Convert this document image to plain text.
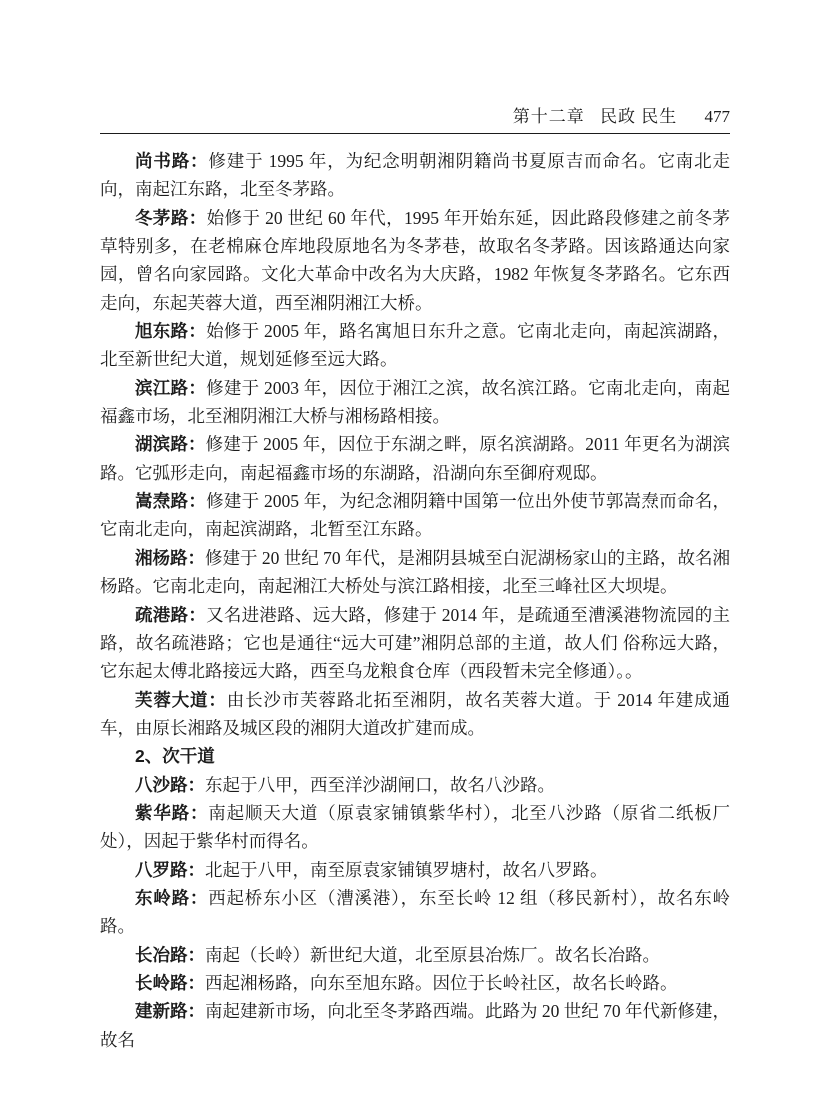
第十二章 民政 民生 477

尚书路：修建于 1995 年，为纪念明朝湘阴籍尚书夏原吉而命名。它南北走向，南起江东路，北至冬茅路。

冬茅路：始修于 20 世纪 60 年代，1995 年开始东延，因此路段修建之前冬茅草特别多，在老棉麻仓库地段原地名为冬茅巷，故取名冬茅路。因该路通达向家园，曾名向家园路。文化大革命中改名为大庆路，1982 年恢复冬茅路名。它东西走向，东起芙蓉大道，西至湘阴湘江大桥。

旭东路：始修于 2005 年，路名寓旭日东升之意。它南北走向，南起滨湖路，北至新世纪大道，规划延修至远大路。

滨江路：修建于 2003 年，因位于湘江之滨，故名滨江路。它南北走向，南起福鑫市场，北至湘阴湘江大桥与湘杨路相接。

湖滨路：修建于 2005 年，因位于东湖之畔，原名滨湖路。2011 年更名为湖滨路。它弧形走向，南起福鑫市场的东湖路，沿湖向东至御府观邸。

嵩焘路：修建于 2005 年，为纪念湘阴籍中国第一位出外使节郭嵩焘而命名，它南北走向，南起滨湖路，北暂至江东路。

湘杨路：修建于 20 世纪 70 年代，是湘阴县城至白泥湖杨家山的主路，故名湘杨路。它南北走向，南起湘江大桥处与滨江路相接，北至三峰社区大坝堤。

疏港路：又名进港路、远大路，修建于 2014 年，是疏通至漕溪港物流园的主路，故名疏港路；它也是通往“远大可建”湘阴总部的主道，故人们 俗称远大路，它东起太傅北路接远大路，西至乌龙粮食仓库（西段暂未完全修通）。。

芙蓉大道：由长沙市芙蓉路北拓至湘阴，故名芙蓉大道。于 2014 年建成通车，由原长湘路及城区段的湘阴大道改扩建而成。

2、次干道

八沙路：东起于八甲，西至洋沙湖闸口，故名八沙路。

紫华路：南起顺天大道（原袁家铺镇紫华村），北至八沙路（原省二纸板厂处），因起于紫华村而得名。

八罗路：北起于八甲，南至原袁家铺镇罗塘村，故名八罗路。

东岭路：西起桥东小区（漕溪港），东至长岭 12 组（移民新村），故名东岭路。

长冶路：南起（长岭）新世纪大道，北至原县冶炼厂。故名长冶路。

长岭路：西起湘杨路，向东至旭东路。因位于长岭社区，故名长岭路。

建新路：南起建新市场，向北至冬茅路西端。此路为 20 世纪 70 年代新修建，故名
